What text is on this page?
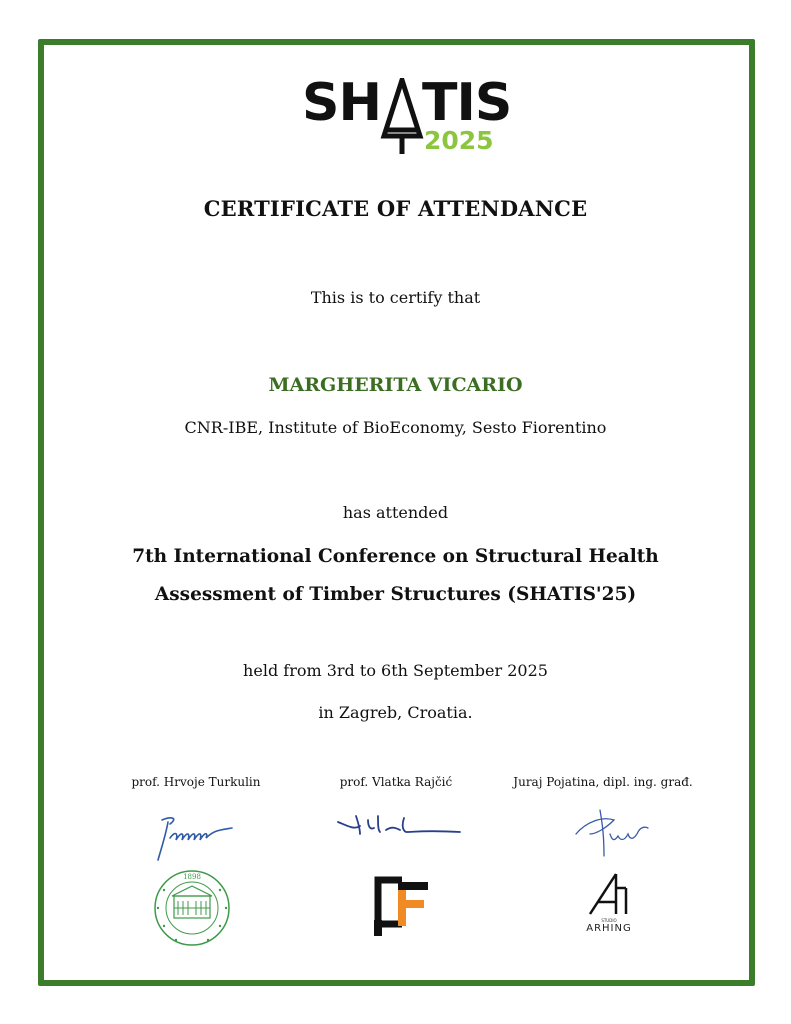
SH TIS
2025
CERTIFICATE OF ATTENDANCE
This is to certify that
MARGHERITA VICARIO
CNR-IBE, Institute of BioEconomy, Sesto Fiorentino
has attended
7th International Conference on Structural Health
Assessment of Timber Structures (SHATIS'25)
held from 3rd to 6th September 2025
in Zagreb, Croatia.
prof. Hrvoje Turkulin	prof. Vlatka Rajčić	Juraj Pojatina, dipl. ing. građ.
1898
STUDIO
ARHING
